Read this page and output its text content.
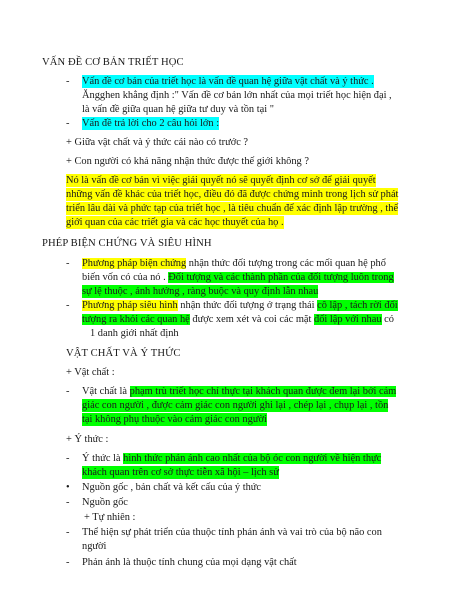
VẤN ĐỀ CƠ BẢN TRIẾT HỌC
- Vấn đề cơ bản của triết học là vấn đề quan hệ giữa vật chất và ý thức .
Ăngghen khẳng định :" Vấn đề cơ bản lớn nhất của mọi triết học hiện đại ,
là vấn đề giữa quan hệ giữa tư duy và tồn tại "
- Vấn đề trả lời cho 2 câu hỏi lớn :
+ Giữa vật chất và ý thức cái nào có trước ?
+ Con người có khả năng nhận thức được thế giới không ?
Nó là vấn đề cơ bản vì việc giải quyết nó sẽ quyết định cơ sở để giải quyết
những vấn đề khác của triết học, điều đó đã được chứng minh trong lịch sử phát
triển lâu dài và phức tạp của triết học , là tiêu chuẩn để xác định lập trường , thế
giới quan của các triết gia và các học thuyết của họ .
PHÉP BIỆN CHỨNG VÀ SIÊU HÌNH
- Phương pháp biện chứng nhận thức đối tượng trong các mối quan hệ phổ
biến vốn có của nó . Đối tượng và các thành phần của đối tượng luôn trong
sự lệ thuộc , ảnh hưởng , ràng buộc và quy định lẫn nhau
- Phương pháp siêu hình nhận thức đối tượng ở trạng thái cô lập , tách rời đối
tượng ra khỏi các quan hệ được xem xét và coi các mặt đối lập với nhau có
1 danh giới nhất định
VẬT CHẤT VÀ Ý THỨC
+ Vật chất :
- Vật chất là phạm trù triết học chỉ thực tại khách quan được đem lại bởi cảm
giác con người , được cảm giác con người ghi lại , chép lại , chụp lại , tồn
tại không phụ thuộc vào cảm giác con người
+ Ý thức :
- Ý thức là hình thức phản ánh cao nhất của bộ óc con người về hiện thực
khách quan trên cơ sở thực tiễn xã hội – lịch sử
• Nguồn gốc , bản chất và kết cấu của ý thức
- Nguồn gốc
+ Tự nhiên :
- Thể hiện sự phát triển của thuộc tính phản ánh và vai trò của bộ não con
người
- Phản ánh là thuộc tính chung của mọi dạng vật chất
